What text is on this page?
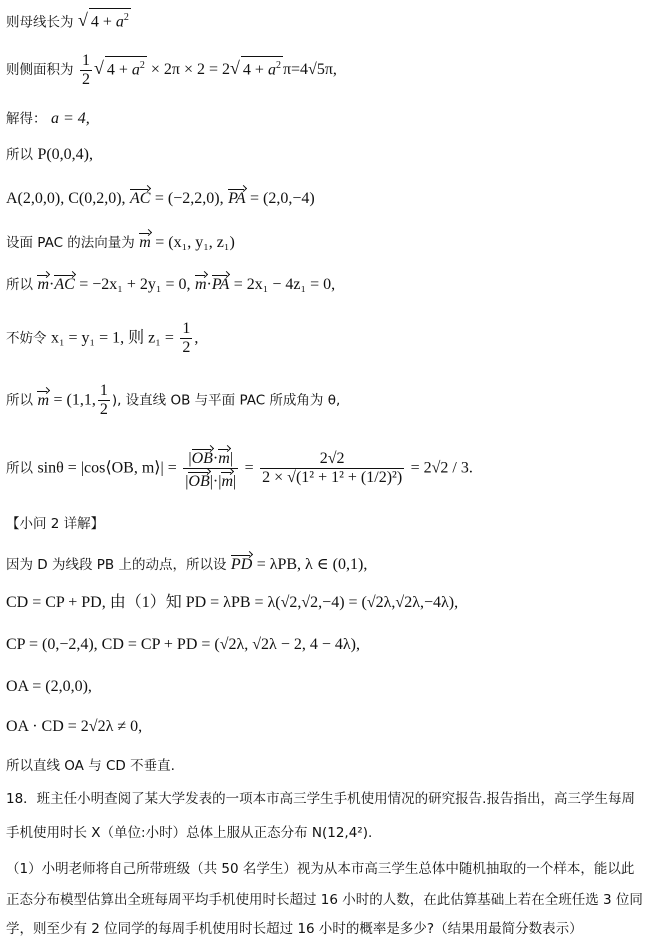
则母线长为 √ $4 + a^2$
则侧面积为 $\frac{1}{2}$ √ $4 + a^2 \times 2\pi \times 2 = 2√$ $4 + a^2$ π=4√5π,
解得： a = 4,
所以 P(0,0,4),
A(2,0,0), C(0,2,0), AC = (−2,2,0), PA = (2,0,−4)
设面 PAC 的法向量为 m = (x₁, y₁, z₁)
所以 m·AC = −2x₁ + 2y₁ = 0, m·PA = 2x₁ − 4z₁ = 0,
不妨令 x₁ = y₁ = 1, 则 $z_1 = \frac{1}{2}$ ,
所以 m = (1,1, $\frac{1}{2}$ ), 设直线 OB 与平面 PAC 所成角为 θ,
所以 sinθ = |cos⟨OB, m⟩| = $\frac{|OB\cdot m|}{|OB|\cdot|m|} = \frac{2√2}{\text{2 × √(1² + 1² + (1/2)²)}} = 2√2 / 3$.
【小问 2 详解】
因为 D 为线段 PB 上的动点，所以设 PD = λPB, λ ∈ (0,1),
CD = CP + PD, 由（1）知 PD = λPB = λ(√2,√2,−4) = (√2λ,√2λ,−4λ),
CP = (0,−2,4), CD = CP + PD = (√2λ, √2λ − 2, 4 − 4λ),
OA = (2,0,0),
OA · CD = 2√2λ ≠ 0,
所以直线 OA 与 CD 不垂直.
18．班主任小明查阅了某大学发表的一项本市高三学生手机使用情况的研究报告.报告指出，高三学生每周
手机使用时长 X（单位:小时）总体上服从正态分布 N(12,4²).
（1）小明老师将自己所带班级（共 50 名学生）视为从本市高三学生总体中随机抽取的一个样本，能以此
正态分布模型估算出全班每周平均手机使用时长超过 16 小时的人数，在此估算基础上若在全班任选 3 位同
学，则至少有 2 位同学的每周手机使用时长超过 16 小时的概率是多少?（结果用最简分数表示）
